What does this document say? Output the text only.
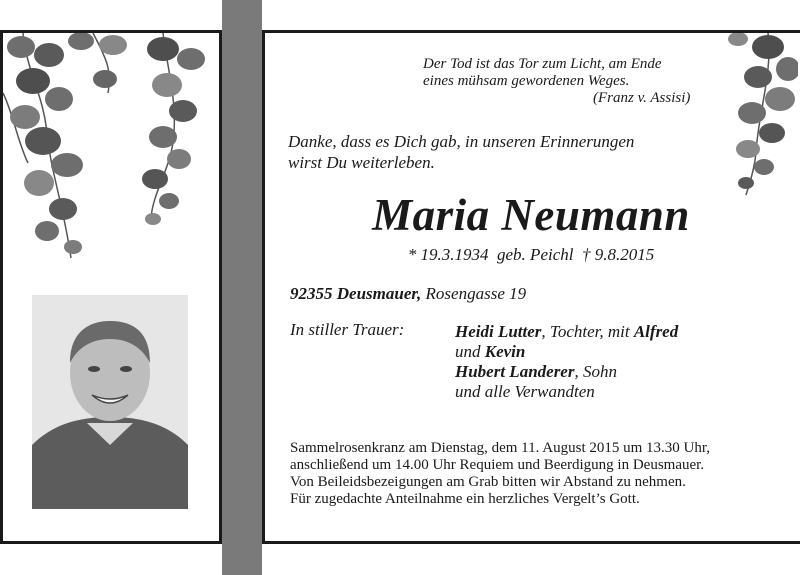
Der Tod ist das Tor zum Licht, am Ende
eines mühsam gewordenen Weges.
(Franz v. Assisi)
Danke, dass es Dich gab, in unseren Erinnerungen
wirst Du weiterleben.
Maria Neumann
* 19.3.1934  geb. Peichl  † 9.8.2015
92355 Deusmauer, Rosengasse 19
In stiller Trauer:	Heidi Lutter, Tochter, mit Alfred
und Kevin
Hubert Landerer, Sohn
und alle Verwandten
Sammelrosenkranz am Dienstag, dem 11. August 2015 um 13.30 Uhr,
anschließend um 14.00 Uhr Requiem und Beerdigung in Deusmauer.
Von Beileidsbezeigungen am Grab bitten wir Abstand zu nehmen.
Für zugedachte Anteilnahme ein herzliches Vergelt’s Gott.
